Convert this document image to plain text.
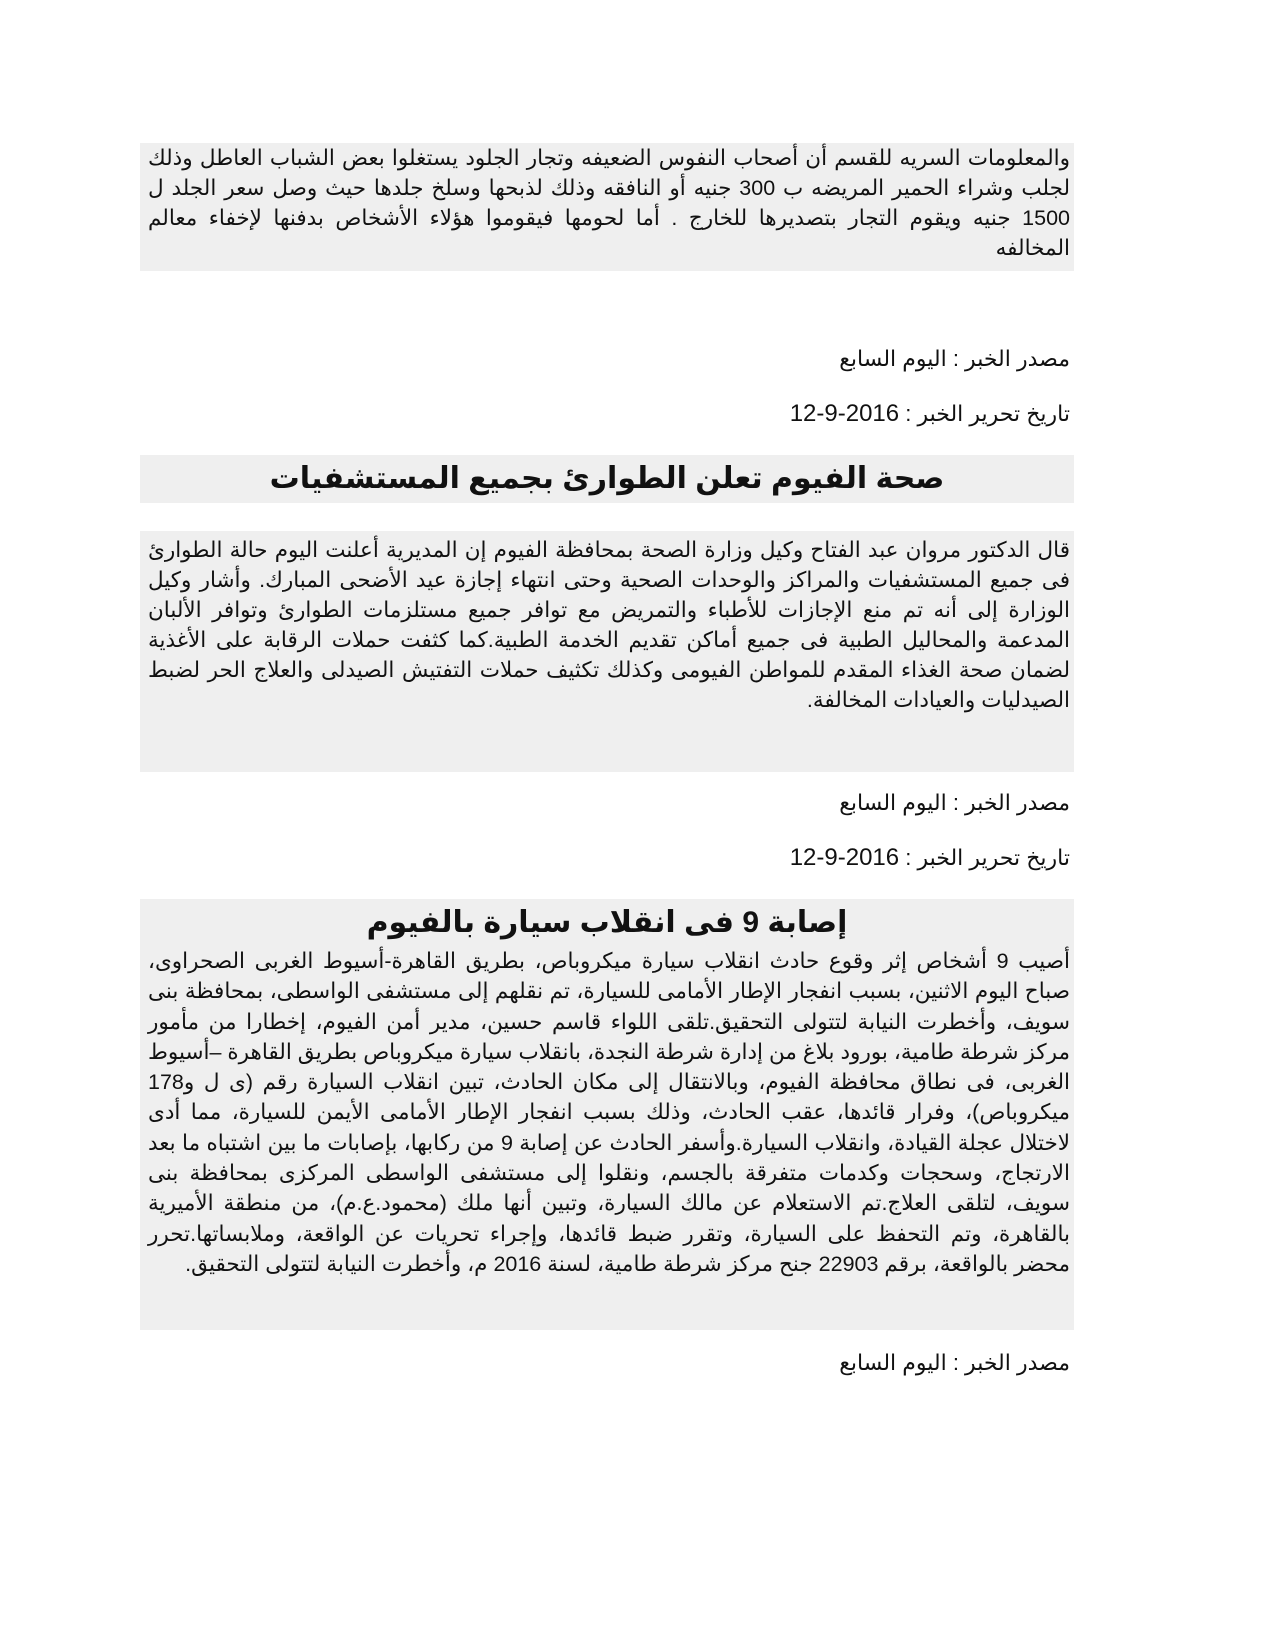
والمعلومات السريه للقسم أن أصحاب النفوس الضعيفه وتجار الجلود يستغلوا بعض الشباب العاطل وذلك لجلب وشراء الحمير المريضه ب 300 جنيه أو النافقه وذلك لذبحها وسلخ جلدها حيث وصل سعر الجلد ل 1500 جنيه ويقوم التجار بتصديرها للخارج . أما لحومها فيقوموا هؤلاء الأشخاص بدفنها لإخفاء معالم المخالفه

مصدر الخبر : اليوم السابع

تاريخ تحرير الخبر : 12-9-2016

صحة الفيوم تعلن الطوارئ بجميع المستشفيات

قال الدكتور مروان عبد الفتاح وكيل وزارة الصحة بمحافظة الفيوم إن المديرية أعلنت اليوم حالة الطوارئ فى جميع المستشفيات والمراكز والوحدات الصحية وحتى انتهاء إجازة عيد الأضحى المبارك. وأشار وكيل الوزارة إلى أنه تم منع الإجازات للأطباء والتمريض مع توافر جميع مستلزمات الطوارئ وتوافر الألبان المدعمة والمحاليل الطبية فى جميع أماكن تقديم الخدمة الطبية.كما كثفت حملات الرقابة على الأغذية لضمان صحة الغذاء المقدم للمواطن الفيومى وكذلك تكثيف حملات التفتيش الصيدلى والعلاج الحر لضبط الصيدليات والعيادات المخالفة.

مصدر الخبر : اليوم السابع

تاريخ تحرير الخبر : 12-9-2016

إصابة 9 فى انقلاب سيارة بالفيوم

أصيب 9 أشخاص إثر وقوع حادث انقلاب سيارة ميكروباص، بطريق القاهرة-أسيوط الغربى الصحراوى، صباح اليوم الاثنين، بسبب انفجار الإطار الأمامى للسيارة، تم نقلهم إلى مستشفى الواسطى، بمحافظة بنى سويف، وأخطرت النيابة لتتولى التحقيق.تلقى اللواء قاسم حسين، مدير أمن الفيوم، إخطارا من مأمور مركز شرطة طامية، بورود بلاغ من إدارة شرطة النجدة، بانقلاب سيارة ميكروباص بطريق القاهرة –أسيوط الغربى، فى نطاق محافظة الفيوم، وبالانتقال إلى مكان الحادث، تبين انقلاب السيارة رقم (ى ل و178 ميكروباص)، وفرار قائدها، عقب الحادث، وذلك بسبب انفجار الإطار الأمامى الأيمن للسيارة، مما أدى لاختلال عجلة القيادة، وانقلاب السيارة.وأسفر الحادث عن إصابة 9 من ركابها، بإصابات ما بين اشتباه ما بعد الارتجاج، وسحجات وكدمات متفرقة بالجسم، ونقلوا إلى مستشفى الواسطى المركزى بمحافظة بنى سويف، لتلقى العلاج.تم الاستعلام عن مالك السيارة، وتبين أنها ملك (محمود.ع.م)، من منطقة الأميرية بالقاهرة، وتم التحفظ على السيارة، وتقرر ضبط قائدها، وإجراء تحريات عن الواقعة، وملابساتها.تحرر محضر بالواقعة، برقم 22903 جنح مركز شرطة طامية، لسنة 2016 م، وأخطرت النيابة لتتولى التحقيق.

مصدر الخبر : اليوم السابع
